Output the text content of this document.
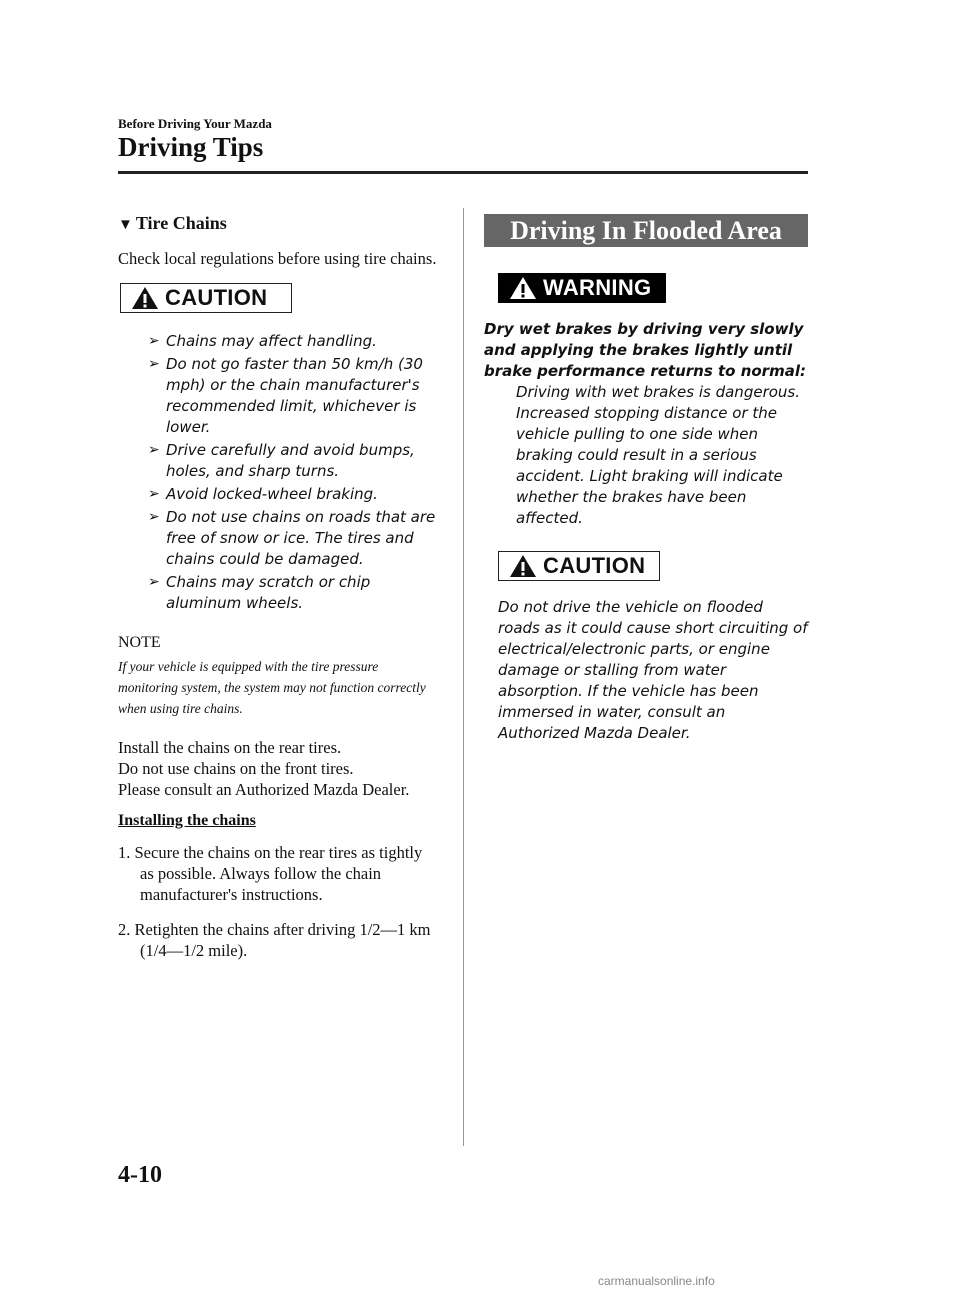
Before Driving Your Mazda
Driving Tips
▼ Tire Chains

Check local regulations before using tire chains.

CAUTION
➢ Chains may affect handling.
➢ Do not go faster than 50 km/h (30 mph) or the chain manufacturer's recommended limit, whichever is lower.
➢ Drive carefully and avoid bumps, holes, and sharp turns.
➢ Avoid locked-wheel braking.
➢ Do not use chains on roads that are free of snow or ice. The tires and chains could be damaged.
➢ Chains may scratch or chip aluminum wheels.
NOTE

If your vehicle is equipped with the tire pressure monitoring system, the system may not function correctly when using tire chains.

Install the chains on the rear tires.
Do not use chains on the front tires.
Please consult an Authorized Mazda Dealer.
Installing the chains

1. Secure the chains on the rear tires as tightly as possible. Always follow the chain manufacturer's instructions.

2. Retighten the chains after driving 1/2―1 km (1/4―1/2 mile).

Driving In Flooded Area
WARNING
Dry wet brakes by driving very slowly and applying the brakes lightly until brake performance returns to normal:
Driving with wet brakes is dangerous. Increased stopping distance or the vehicle pulling to one side when braking could result in a serious accident. Light braking will indicate whether the brakes have been affected.
CAUTION
Do not drive the vehicle on flooded roads as it could cause short circuiting of electrical/electronic parts, or engine damage or stalling from water absorption. If the vehicle has been immersed in water, consult an Authorized Mazda Dealer.
4-10
carmanualsonline.info
